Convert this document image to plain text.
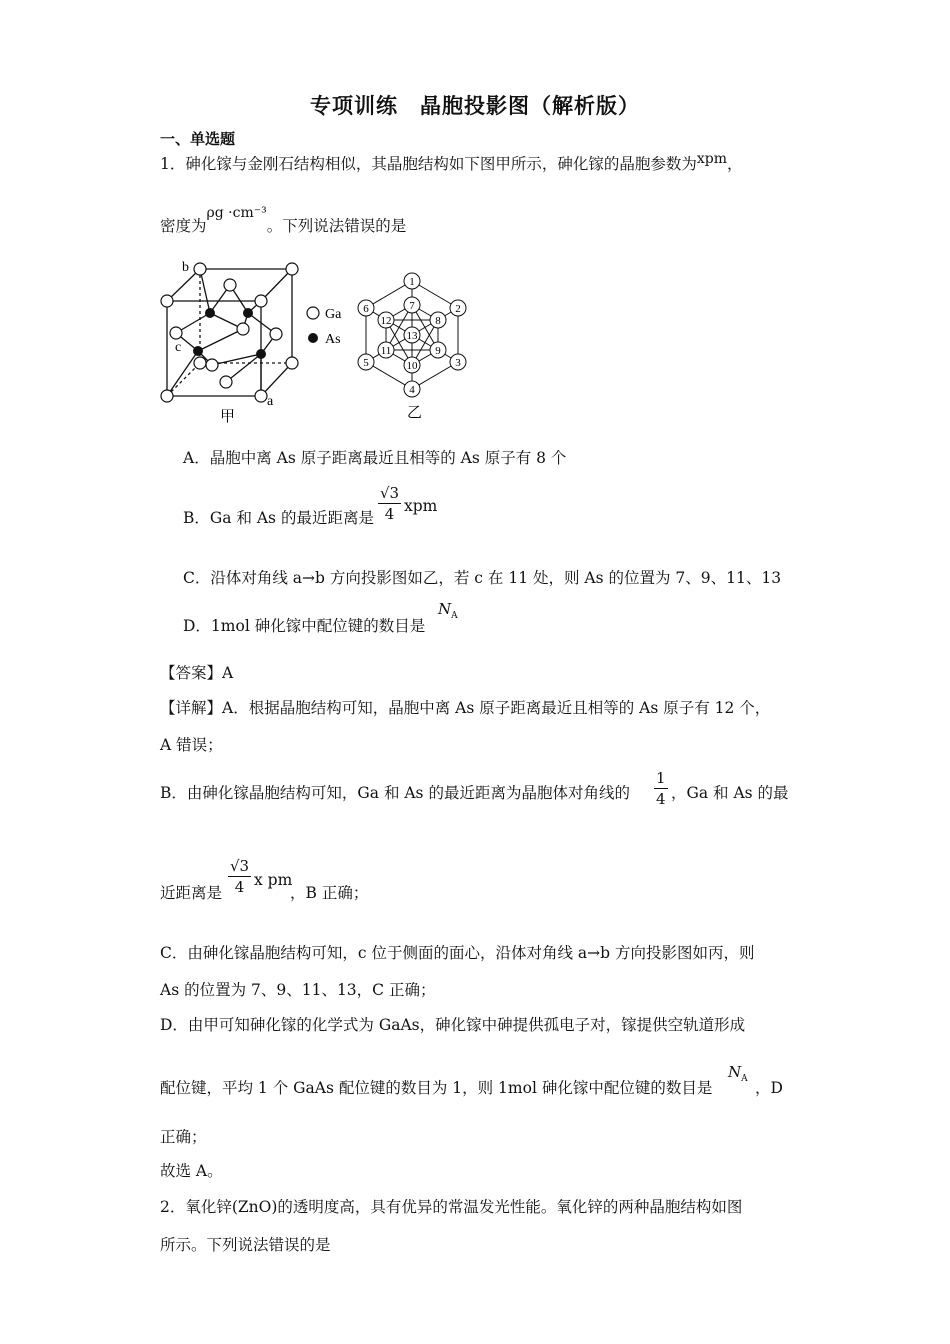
专项训练　晶胞投影图（解析版）
一、单选题
1．砷化镓与金刚石结构相似，其晶胞结构如下图甲所示，砷化镓的晶胞参数为xpm，
密度为ρg ·cm⁻³。下列说法错误的是
b
c
a
甲
Ga
As
1
2
3
4
5
6	7
8
9
10
11
12
13
乙
A．晶胞中离 As 原子距离最近且相等的 As 原子有 8 个
B．Ga 和 As 的最近距离是 $\frac{√3}{4}$ xpm
C．沿体对角线 a→b 方向投影图如乙，若 c 在 11 处，则 As 的位置为 7、9、11、13
D．1mol 砷化镓中配位键的数目是
$N_A$
【答案】A
【详解】A．根据晶胞结构可知，晶胞中离 As 原子距离最近且相等的 As 原子有 12 个，
A 错误；
B．由砷化镓晶胞结构可知，Ga 和 As 的最近距离为晶胞体对角线的 $\frac{1}{4}$ ，Ga 和 As 的最
近距离是 $\frac{√3}{4}$ x pm
，B 正确；
C．由砷化镓晶胞结构可知，c 位于侧面的面心，沿体对角线 a→b 方向投影图如丙，则
As 的位置为 7、9、11、13，C 正确；
D．由甲可知砷化镓的化学式为 GaAs，砷化镓中砷提供孤电子对，镓提供空轨道形成
配位键，平均 1 个 GaAs 配位键的数目为 1，则 1mol 砷化镓中配位键的数目是
$N_A$ ，D
正确；
故选 A。
2．氧化锌(ZnO)的透明度高，具有优异的常温发光性能。氧化锌的两种晶胞结构如图
所示。下列说法错误的是
